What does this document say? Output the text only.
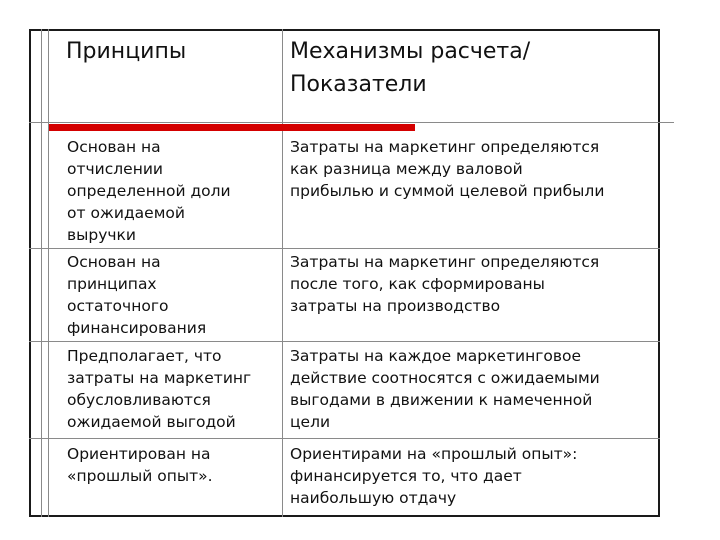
Принципы	Механизмы расчета/
Показатели
Основан на
отчислении
определенной доли
от ожидаемой
выручки
Затраты на маркетинг определяются
как разница между валовой
прибылью и суммой целевой прибыли
Основан на
принципах
остаточного
финансирования
Затраты на маркетинг определяются
после того, как сформированы
затраты на производство
Предполагает, что
затраты на маркетинг
обусловливаются
ожидаемой выгодой
Затраты на каждое маркетинговое
действие соотносятся с ожидаемыми
выгодами в движении к намеченной
цели
Ориентирован на
«прошлый опыт».
Ориентирами на «прошлый опыт»:
финансируется то, что дает
наибольшую отдачу
